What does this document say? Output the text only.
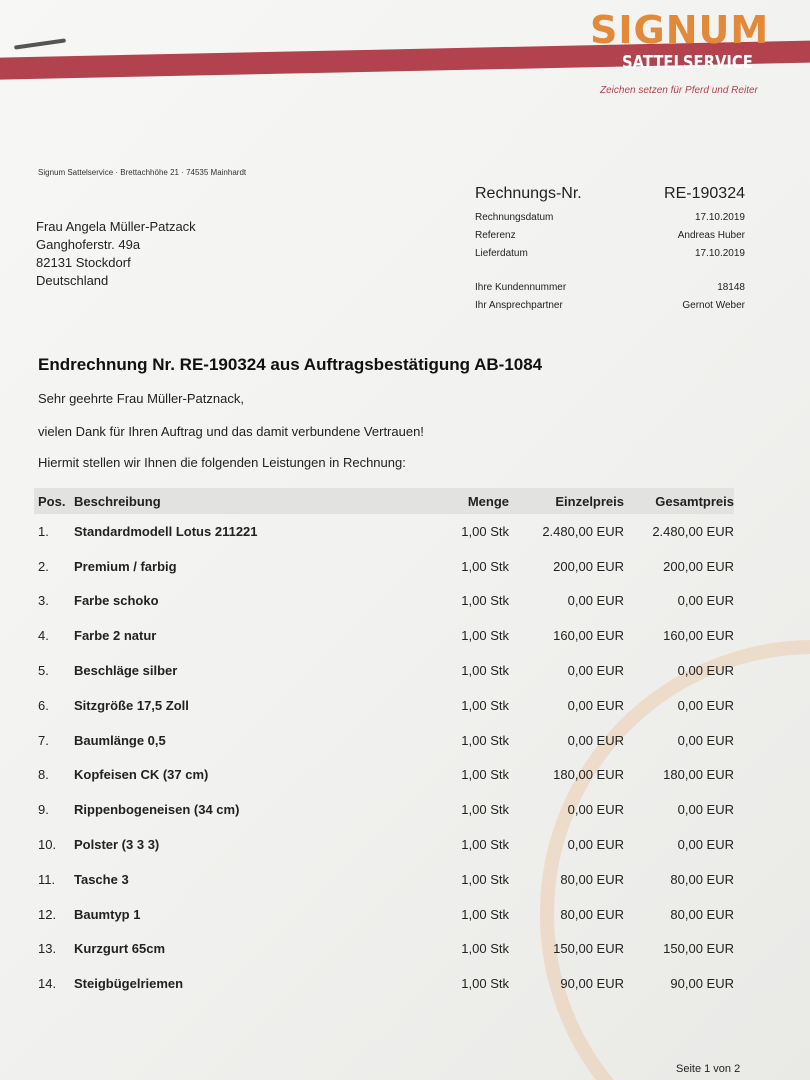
SIGNUM
SATTELSERVICE
Zeichen setzen für Pferd und Reiter
Signum Sattelservice · Brettachhöhe 21 · 74535 Mainhardt
Frau Angela Müller-Patzack
Ganghoferstr. 49a
82131 Stockdorf
Deutschland
Rechnungs-Nr.	RE-190324
Rechnungsdatum	17.10.2019
Referenz	Andreas Huber
Lieferdatum	17.10.2019
Ihre Kundennummer	18148
Ihr Ansprechpartner	Gernot Weber
Endrechnung Nr. RE-190324 aus Auftragsbestätigung AB-1084
Sehr geehrte Frau Müller-Patznack,
vielen Dank für Ihren Auftrag und das damit verbundene Vertrauen!
Hiermit stellen wir Ihnen die folgenden Leistungen in Rechnung:
Pos. Beschreibung	Menge	Einzelpreis	Gesamtpreis
1.	Standardmodell Lotus 211221	1,00 Stk	2.480,00 EUR	2.480,00 EUR
2.	Premium / farbig	1,00 Stk	200,00 EUR	200,00 EUR
3.	Farbe schoko	1,00 Stk	0,00 EUR	0,00 EUR
4.	Farbe 2 natur	1,00 Stk	160,00 EUR	160,00 EUR
5.	Beschläge silber	1,00 Stk	0,00 EUR	0,00 EUR
6.	Sitzgröße 17,5 Zoll	1,00 Stk	0,00 EUR	0,00 EUR
7.	Baumlänge 0,5	1,00 Stk	0,00 EUR	0,00 EUR
8.	Kopfeisen CK (37 cm)	1,00 Stk	180,00 EUR	180,00 EUR
9.	Rippenbogeneisen (34 cm)	1,00 Stk	0,00 EUR	0,00 EUR
10.	Polster (3 3 3)	1,00 Stk	0,00 EUR	0,00 EUR
11.	Tasche 3	1,00 Stk	80,00 EUR	80,00 EUR
12.	Baumtyp 1	1,00 Stk	80,00 EUR	80,00 EUR
13.	Kurzgurt 65cm	1,00 Stk	150,00 EUR	150,00 EUR
14.	Steigbügelriemen	1,00 Stk	90,00 EUR	90,00 EUR
Seite 1 von 2
